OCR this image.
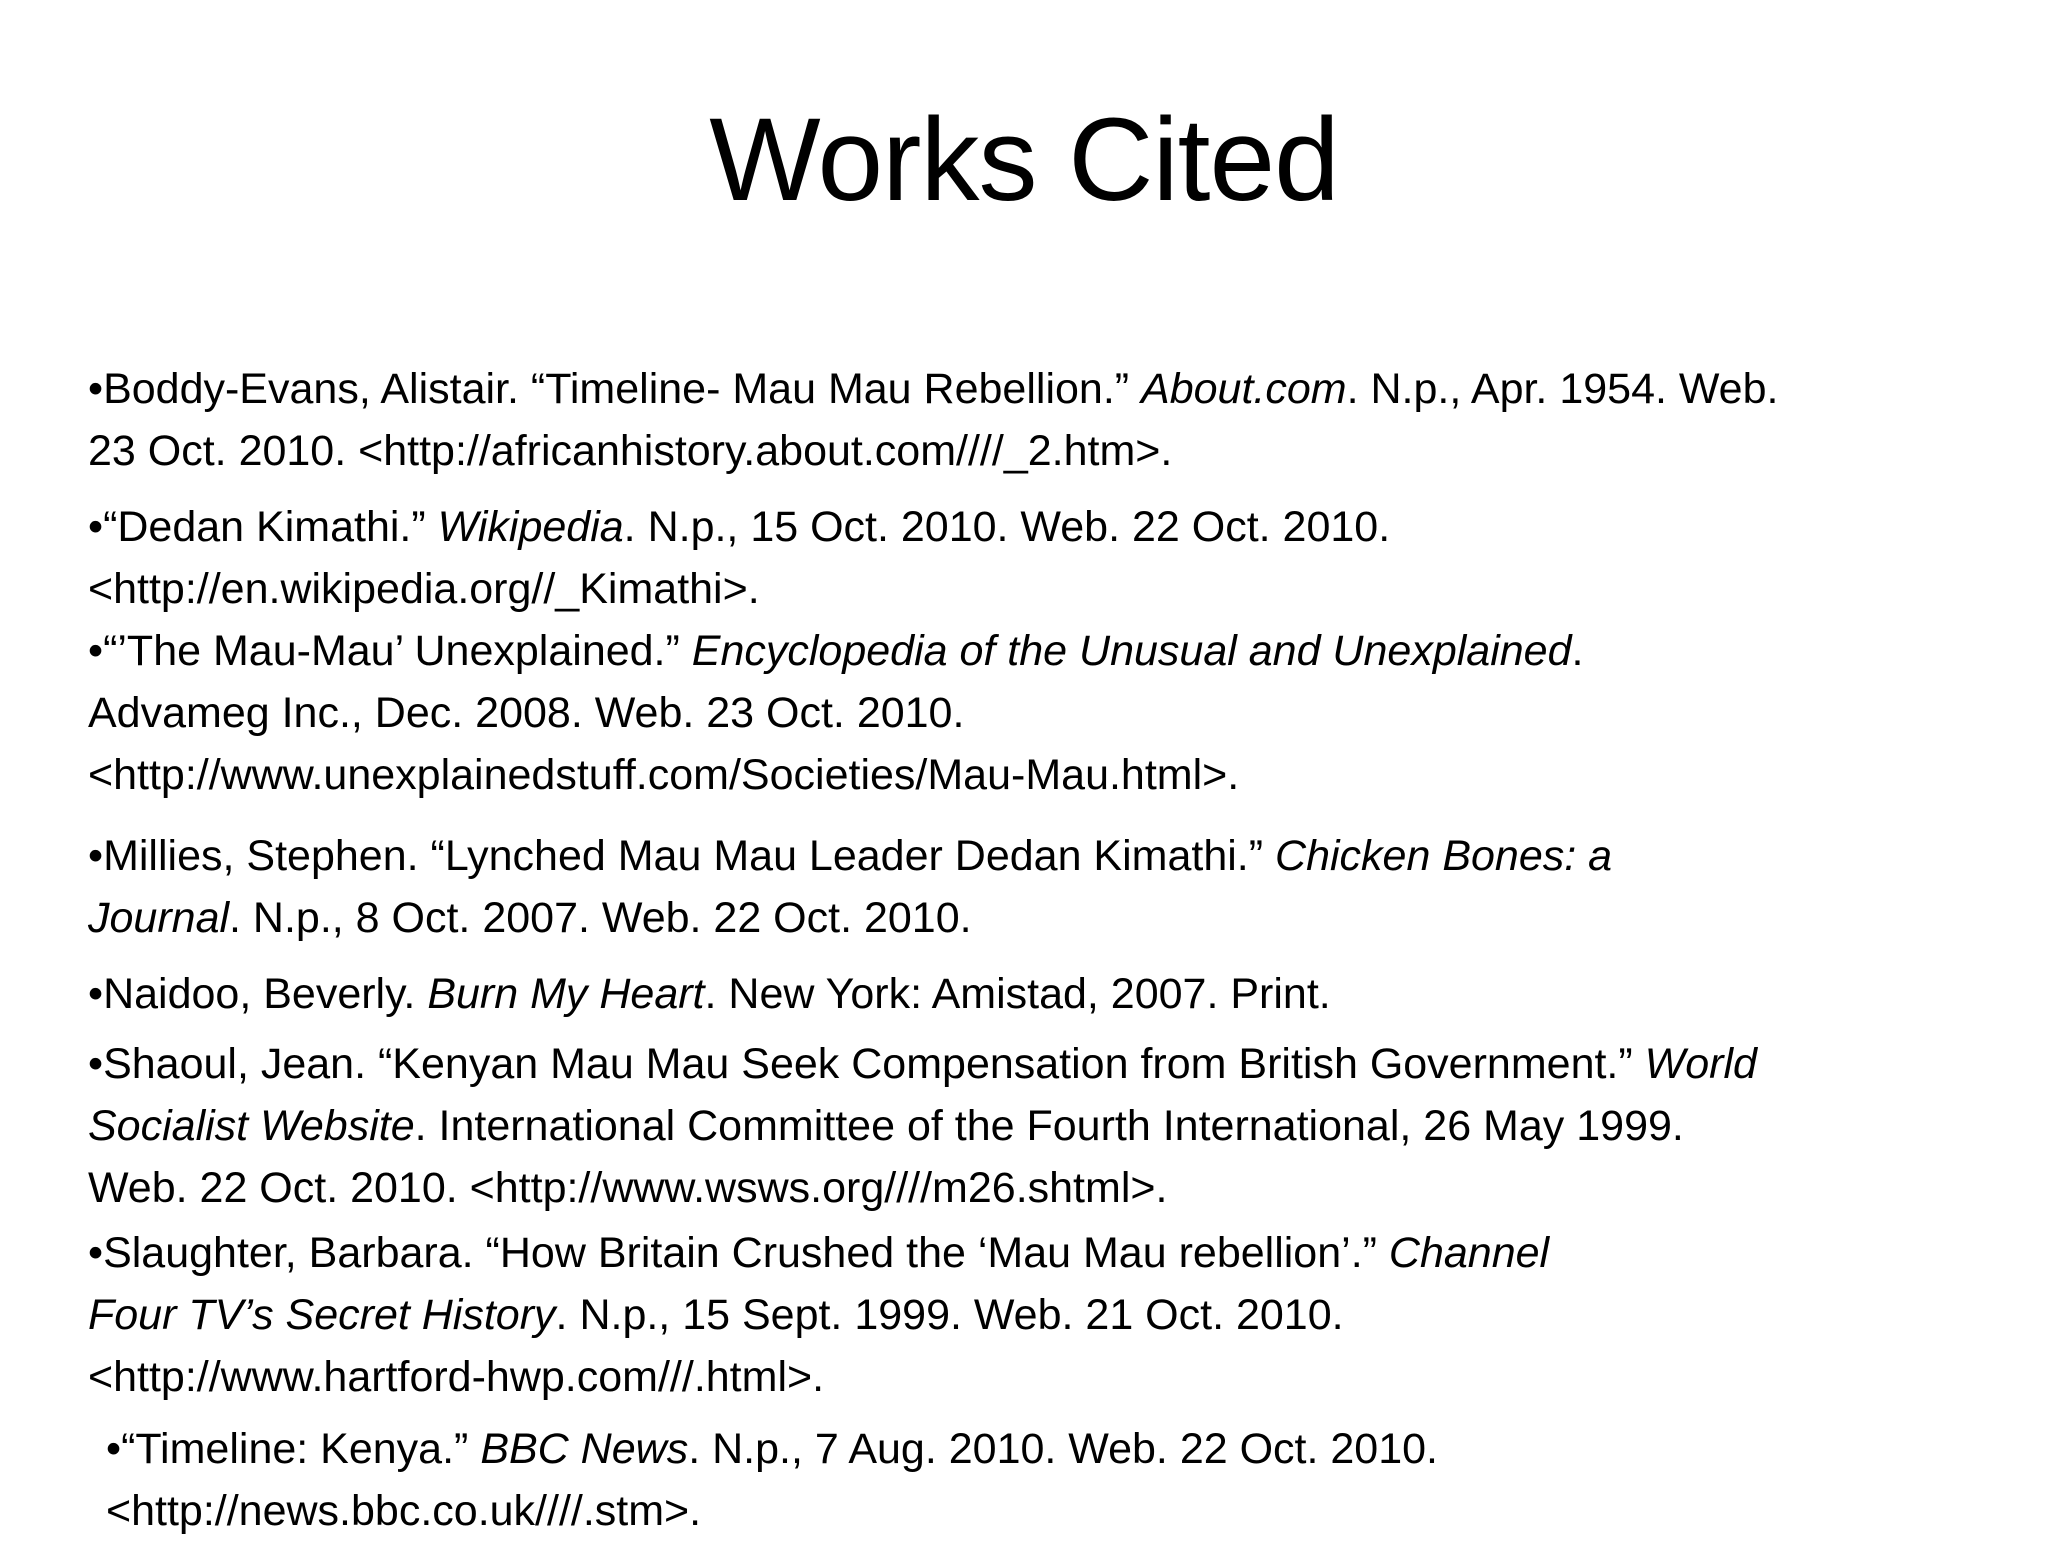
Works Cited
•Boddy-Evans, Alistair. “Timeline- Mau Mau Rebellion.” About.com. N.p., Apr. 1954. Web.
23 Oct. 2010. <http://africanhistory.about.com////_2.htm>.
•“Dedan Kimathi.” Wikipedia. N.p., 15 Oct. 2010. Web. 22 Oct. 2010.
<http://en.wikipedia.org//_Kimathi>.
•“’The Mau-Mau’ Unexplained.” Encyclopedia of the Unusual and Unexplained.
Advameg Inc., Dec. 2008. Web. 23 Oct. 2010.
<http://www.unexplainedstuff.com/Societies/Mau-Mau.html>.
•Millies, Stephen. “Lynched Mau Mau Leader Dedan Kimathi.” Chicken Bones: a
Journal. N.p., 8 Oct. 2007. Web. 22 Oct. 2010.
•Naidoo, Beverly. Burn My Heart. New York: Amistad, 2007. Print.
•Shaoul, Jean. “Kenyan Mau Mau Seek Compensation from British Government.” World
Socialist Website. International Committee of the Fourth International, 26 May 1999.
Web. 22 Oct. 2010. <http://www.wsws.org////m26.shtml>.
•Slaughter, Barbara. “How Britain Crushed the ‘Mau Mau rebellion’.” Channel
Four TV’s Secret History. N.p., 15 Sept. 1999. Web. 21 Oct. 2010.
<http://www.hartford-hwp.com///.html>.
•“Timeline: Kenya.” BBC News. N.p., 7 Aug. 2010. Web. 22 Oct. 2010.
<http://news.bbc.co.uk////.stm>.
